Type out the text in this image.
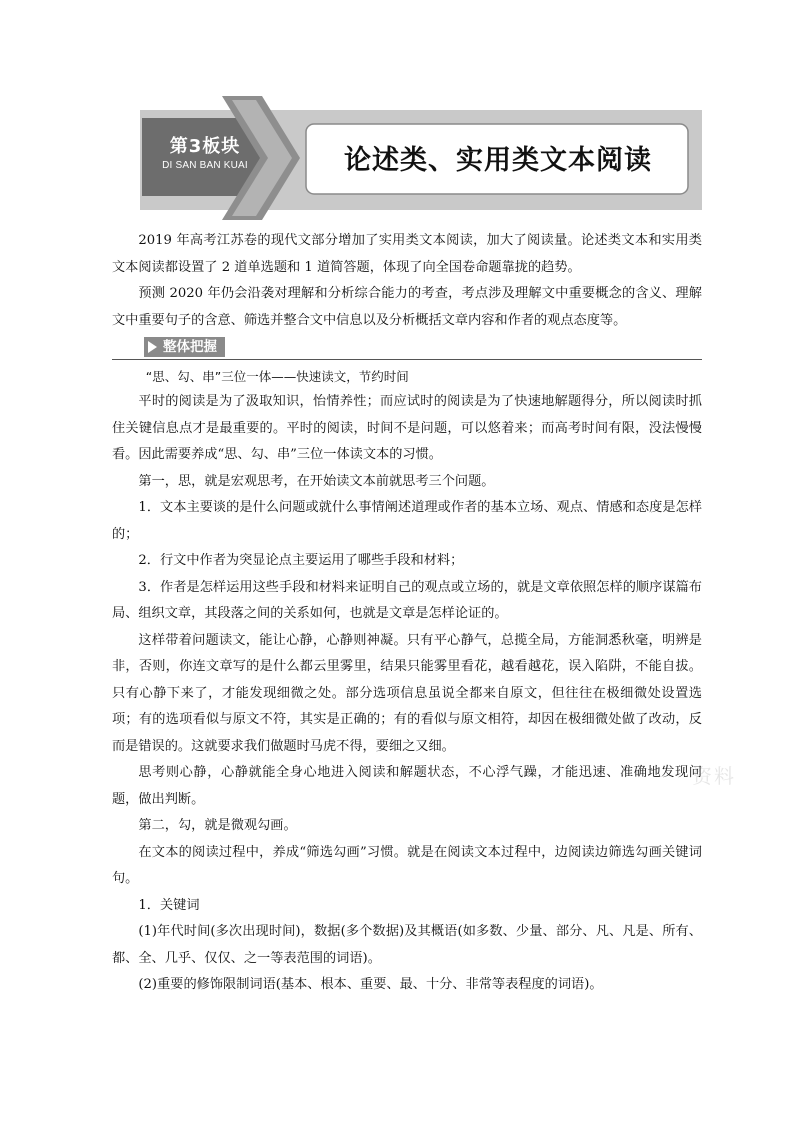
第3板块
DI SAN BAN KUAI	论述类、实用类文本阅读
资料

2019 年高考江苏卷的现代文部分增加了实用类文本阅读，加大了阅读量。论述类文本和实用类文本阅读都设置了 2 道单选题和 1 道简答题，体现了向全国卷命题靠拢的趋势。

预测 2020 年仍会沿袭对理解和分析综合能力的考查，考点涉及理解文中重要概念的含义、理解文中重要句子的含意、筛选并整合文中信息以及分析概括文章内容和作者的观点态度等。

整体把握

“思、勾、串”三位一体——快速读文，节约时间

平时的阅读是为了汲取知识，怡情养性；而应试时的阅读是为了快速地解题得分，所以阅读时抓住关键信息点才是最重要的。平时的阅读，时间不是问题，可以悠着来；而高考时间有限，没法慢慢看。因此需要养成“思、勾、串”三位一体读文本的习惯。

第一，思，就是宏观思考，在开始读文本前就思考三个问题。

1．文本主要谈的是什么问题或就什么事情阐述道理或作者的基本立场、观点、情感和态度是怎样的；

2．行文中作者为突显论点主要运用了哪些手段和材料；

3．作者是怎样运用这些手段和材料来证明自己的观点或立场的，就是文章依照怎样的顺序谋篇布局、组织文章，其段落之间的关系如何，也就是文章是怎样论证的。

这样带着问题读文，能让心静，心静则神凝。只有平心静气，总揽全局，方能洞悉秋毫，明辨是非，否则，你连文章写的是什么都云里雾里，结果只能雾里看花，越看越花，误入陷阱，不能自拔。只有心静下来了，才能发现细微之处。部分选项信息虽说全都来自原文，但往往在极细微处设置选项；有的选项看似与原文不符，其实是正确的；有的看似与原文相符，却因在极细微处做了改动，反而是错误的。这就要求我们做题时马虎不得，要细之又细。

思考则心静，心静就能全身心地进入阅读和解题状态，不心浮气躁，才能迅速、准确地发现问题，做出判断。

第二，勾，就是微观勾画。

在文本的阅读过程中，养成“筛选勾画”习惯。就是在阅读文本过程中，边阅读边筛选勾画关键词句。

1．关键词

(1)年代时间(多次出现时间)，数据(多个数据)及其概语(如多数、少量、部分、凡、凡是、所有、都、全、几乎、仅仅、之一等表范围的词语)。

(2)重要的修饰限制词语(基本、根本、重要、最、十分、非常等表程度的词语)。
